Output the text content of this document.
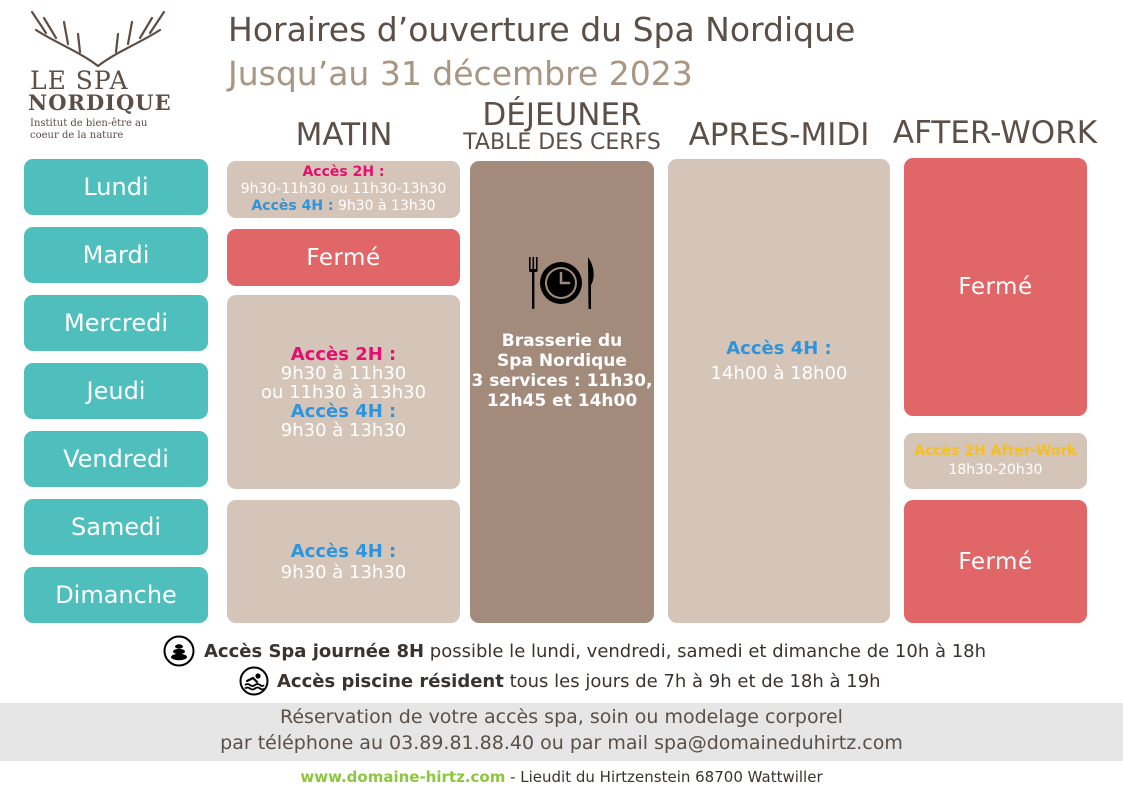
LE SPA
NORDIQUE
Institut de bien-être au
coeur de la nature
Horaires d’ouverture du Spa Nordique
Jusqu’au 31 décembre 2023
MATIN
DÉJEUNER
TABLE DES CERFS APRES-MIDI AFTER-WORK
Lundi
Mardi
Mercredi
Jeudi
Vendredi
Samedi
Dimanche
Accès 2H :
9h30-11h30 ou 11h30-13h30
Accès 4H : 9h30 à 13h30
Fermé
Accès 2H :
9h30 à 11h30
ou 11h30 à 13h30
Accès 4H :
9h30 à 13h30
Accès 4H :
9h30 à 13h30
Brasserie du
Spa Nordique
3 services : 11h30,
12h45 et 14h00
Accès 4H :
14h00 à 18h00
Fermé
Accès 2H After-Work
18h30-20h30
Fermé
Accès Spa journée 8H possible le lundi, vendredi, samedi et dimanche de 10h à 18h
Accès piscine résident tous les jours de 7h à 9h et de 18h à 19h
Réservation de votre accès spa, soin ou modelage corporel
par téléphone au 03.89.81.88.40 ou par mail spa@domaineduhirtz.com
www.domaine-hirtz.com - Lieudit du Hirtzenstein 68700 Wattwiller
